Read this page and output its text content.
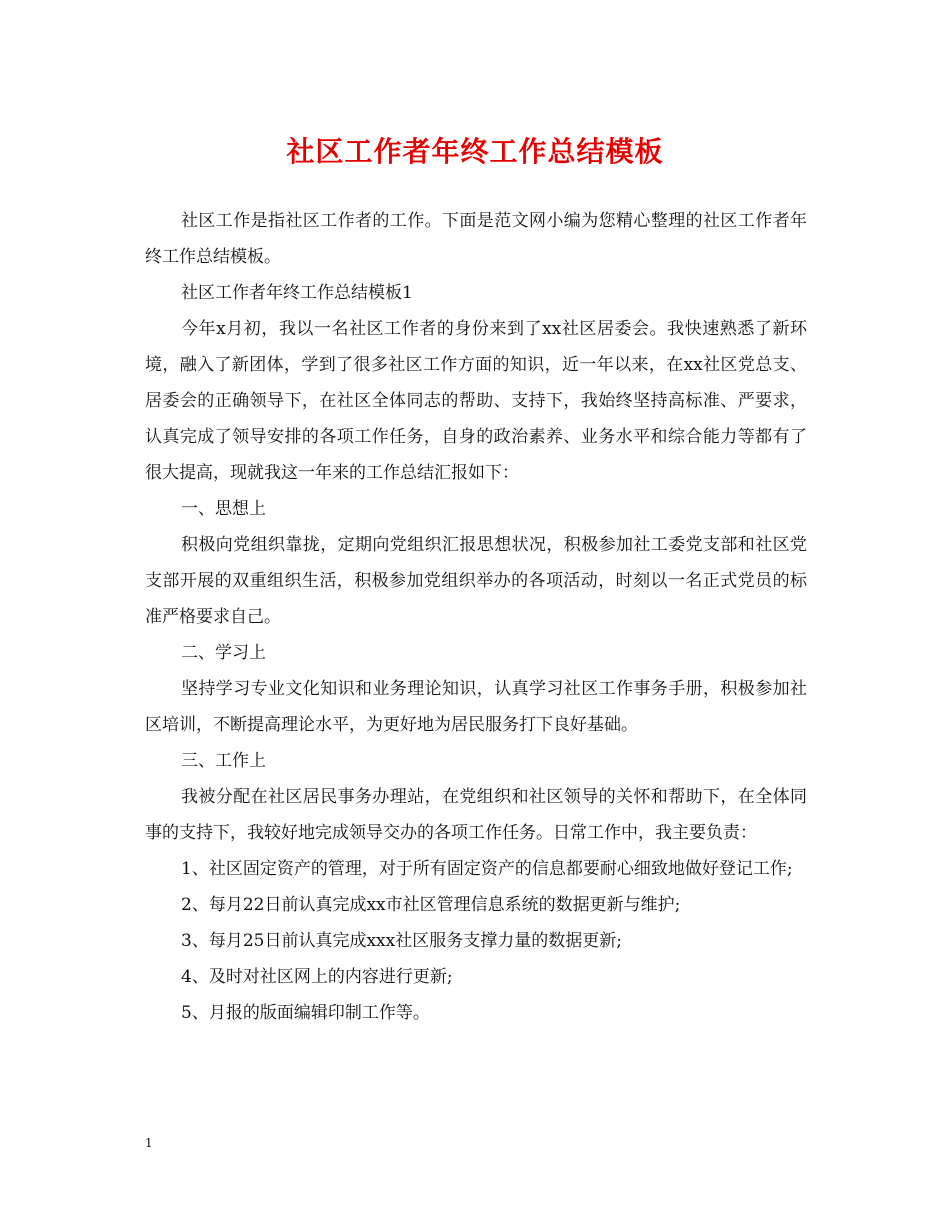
社区工作者年终工作总结模板

社区工作是指社区工作者的工作。下面是范文网小编为您精心整理的社区工作者年终工作总结模板。

社区工作者年终工作总结模板1

今年x月初，我以一名社区工作者的身份来到了xx社区居委会。我快速熟悉了新环境，融入了新团体，学到了很多社区工作方面的知识，近一年以来，在xx社区党总支、居委会的正确领导下，在社区全体同志的帮助、支持下，我始终坚持高标准、严要求，认真完成了领导安排的各项工作任务，自身的政治素养、业务水平和综合能力等都有了很大提高，现就我这一年来的工作总结汇报如下：

一、思想上

积极向党组织靠拢，定期向党组织汇报思想状况，积极参加社工委党支部和社区党支部开展的双重组织生活，积极参加党组织举办的各项活动，时刻以一名正式党员的标准严格要求自己。

二、学习上

坚持学习专业文化知识和业务理论知识，认真学习社区工作事务手册，积极参加社区培训，不断提高理论水平，为更好地为居民服务打下良好基础。

三、工作上

我被分配在社区居民事务办理站，在党组织和社区领导的关怀和帮助下，在全体同事的支持下，我较好地完成领导交办的各项工作任务。日常工作中，我主要负责：

1、社区固定资产的管理，对于所有固定资产的信息都要耐心细致地做好登记工作;

2、每月22日前认真完成xx市社区管理信息系统的数据更新与维护;

3、每月25日前认真完成xxx社区服务支撑力量的数据更新;

4、及时对社区网上的内容进行更新;

5、月报的版面编辑印制工作等。

1
